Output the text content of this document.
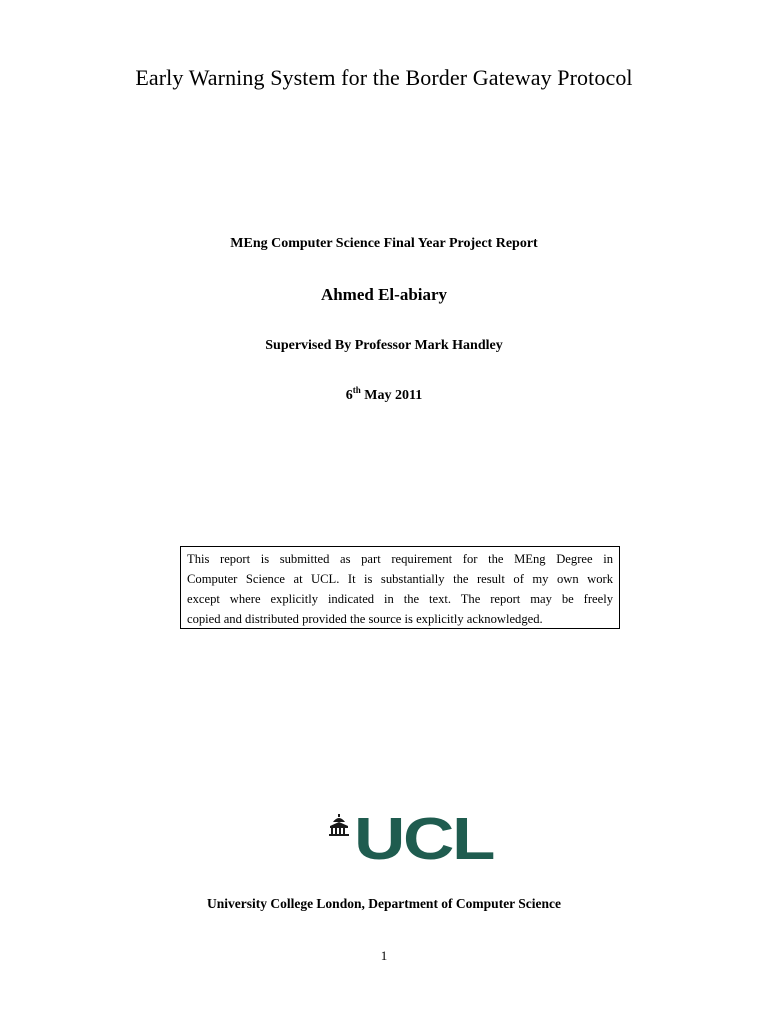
Early Warning System for the Border Gateway Protocol
MEng Computer Science Final Year Project Report
Ahmed El-abiary
Supervised By Professor Mark Handley
6th May 2011
This report is submitted as part requirement for the MEng Degree in
Computer Science at UCL. It is substantially the result of my own work
except where explicitly indicated in the text. The report may be freely
copied and distributed provided the source is explicitly acknowledged.
UCL
University College London, Department of Computer Science
1
